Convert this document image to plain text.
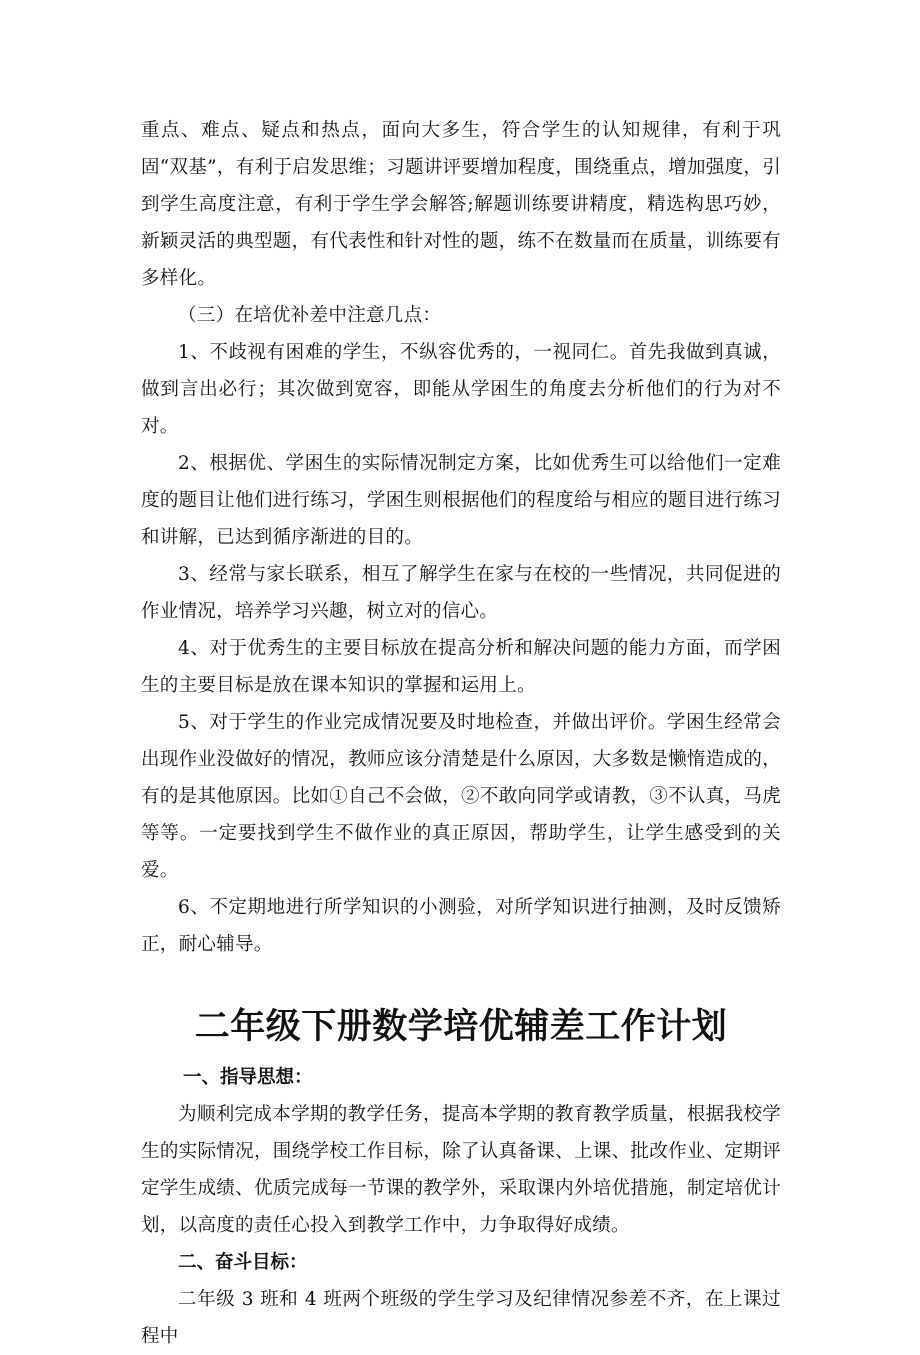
重点、难点、疑点和热点，面向大多生，符合学生的认知规律，有利于巩固“双基”，有利于启发思维；习题讲评要增加程度，围绕重点，增加强度，引到学生高度注意，有利于学生学会解答;解题训练要讲精度，精选构思巧妙，新颖灵活的典型题，有代表性和针对性的题，练不在数量而在质量，训练要有多样化。

（三）在培优补差中注意几点：

1、不歧视有困难的学生，不纵容优秀的，一视同仁。首先我做到真诚，做到言出必行；其次做到宽容，即能从学困生的角度去分析他们的行为对不对。

2、根据优、学困生的实际情况制定方案，比如优秀生可以给他们一定难度的题目让他们进行练习，学困生则根据他们的程度给与相应的题目进行练习和讲解，已达到循序渐进的目的。

3、经常与家长联系，相互了解学生在家与在校的一些情况，共同促进的作业情况，培养学习兴趣，树立对的信心。

4、对于优秀生的主要目标放在提高分析和解决问题的能力方面，而学困生的主要目标是放在课本知识的掌握和运用上。

5、对于学生的作业完成情况要及时地检查，并做出评价。学困生经常会出现作业没做好的情况，教师应该分清楚是什么原因，大多数是懒惰造成的，有的是其他原因。比如①自己不会做，②不敢向同学或请教，③不认真，马虎等等。一定要找到学生不做作业的真正原因，帮助学生，让学生感受到的关爱。

6、不定期地进行所学知识的小测验，对所学知识进行抽测，及时反馈矫正，耐心辅导。

二年级下册数学培优辅差工作计划

一、指导思想：

为顺利完成本学期的教学任务，提高本学期的教育教学质量，根据我校学生的实际情况，围绕学校工作目标，除了认真备课、上课、批改作业、定期评定学生成绩、优质完成每一节课的教学外，采取课内外培优措施，制定培优计划，以高度的责任心投入到教学工作中，力争取得好成绩。

二、奋斗目标：

二年级 3 班和 4 班两个班级的学生学习及纪律情况参差不齐，在上课过程中
